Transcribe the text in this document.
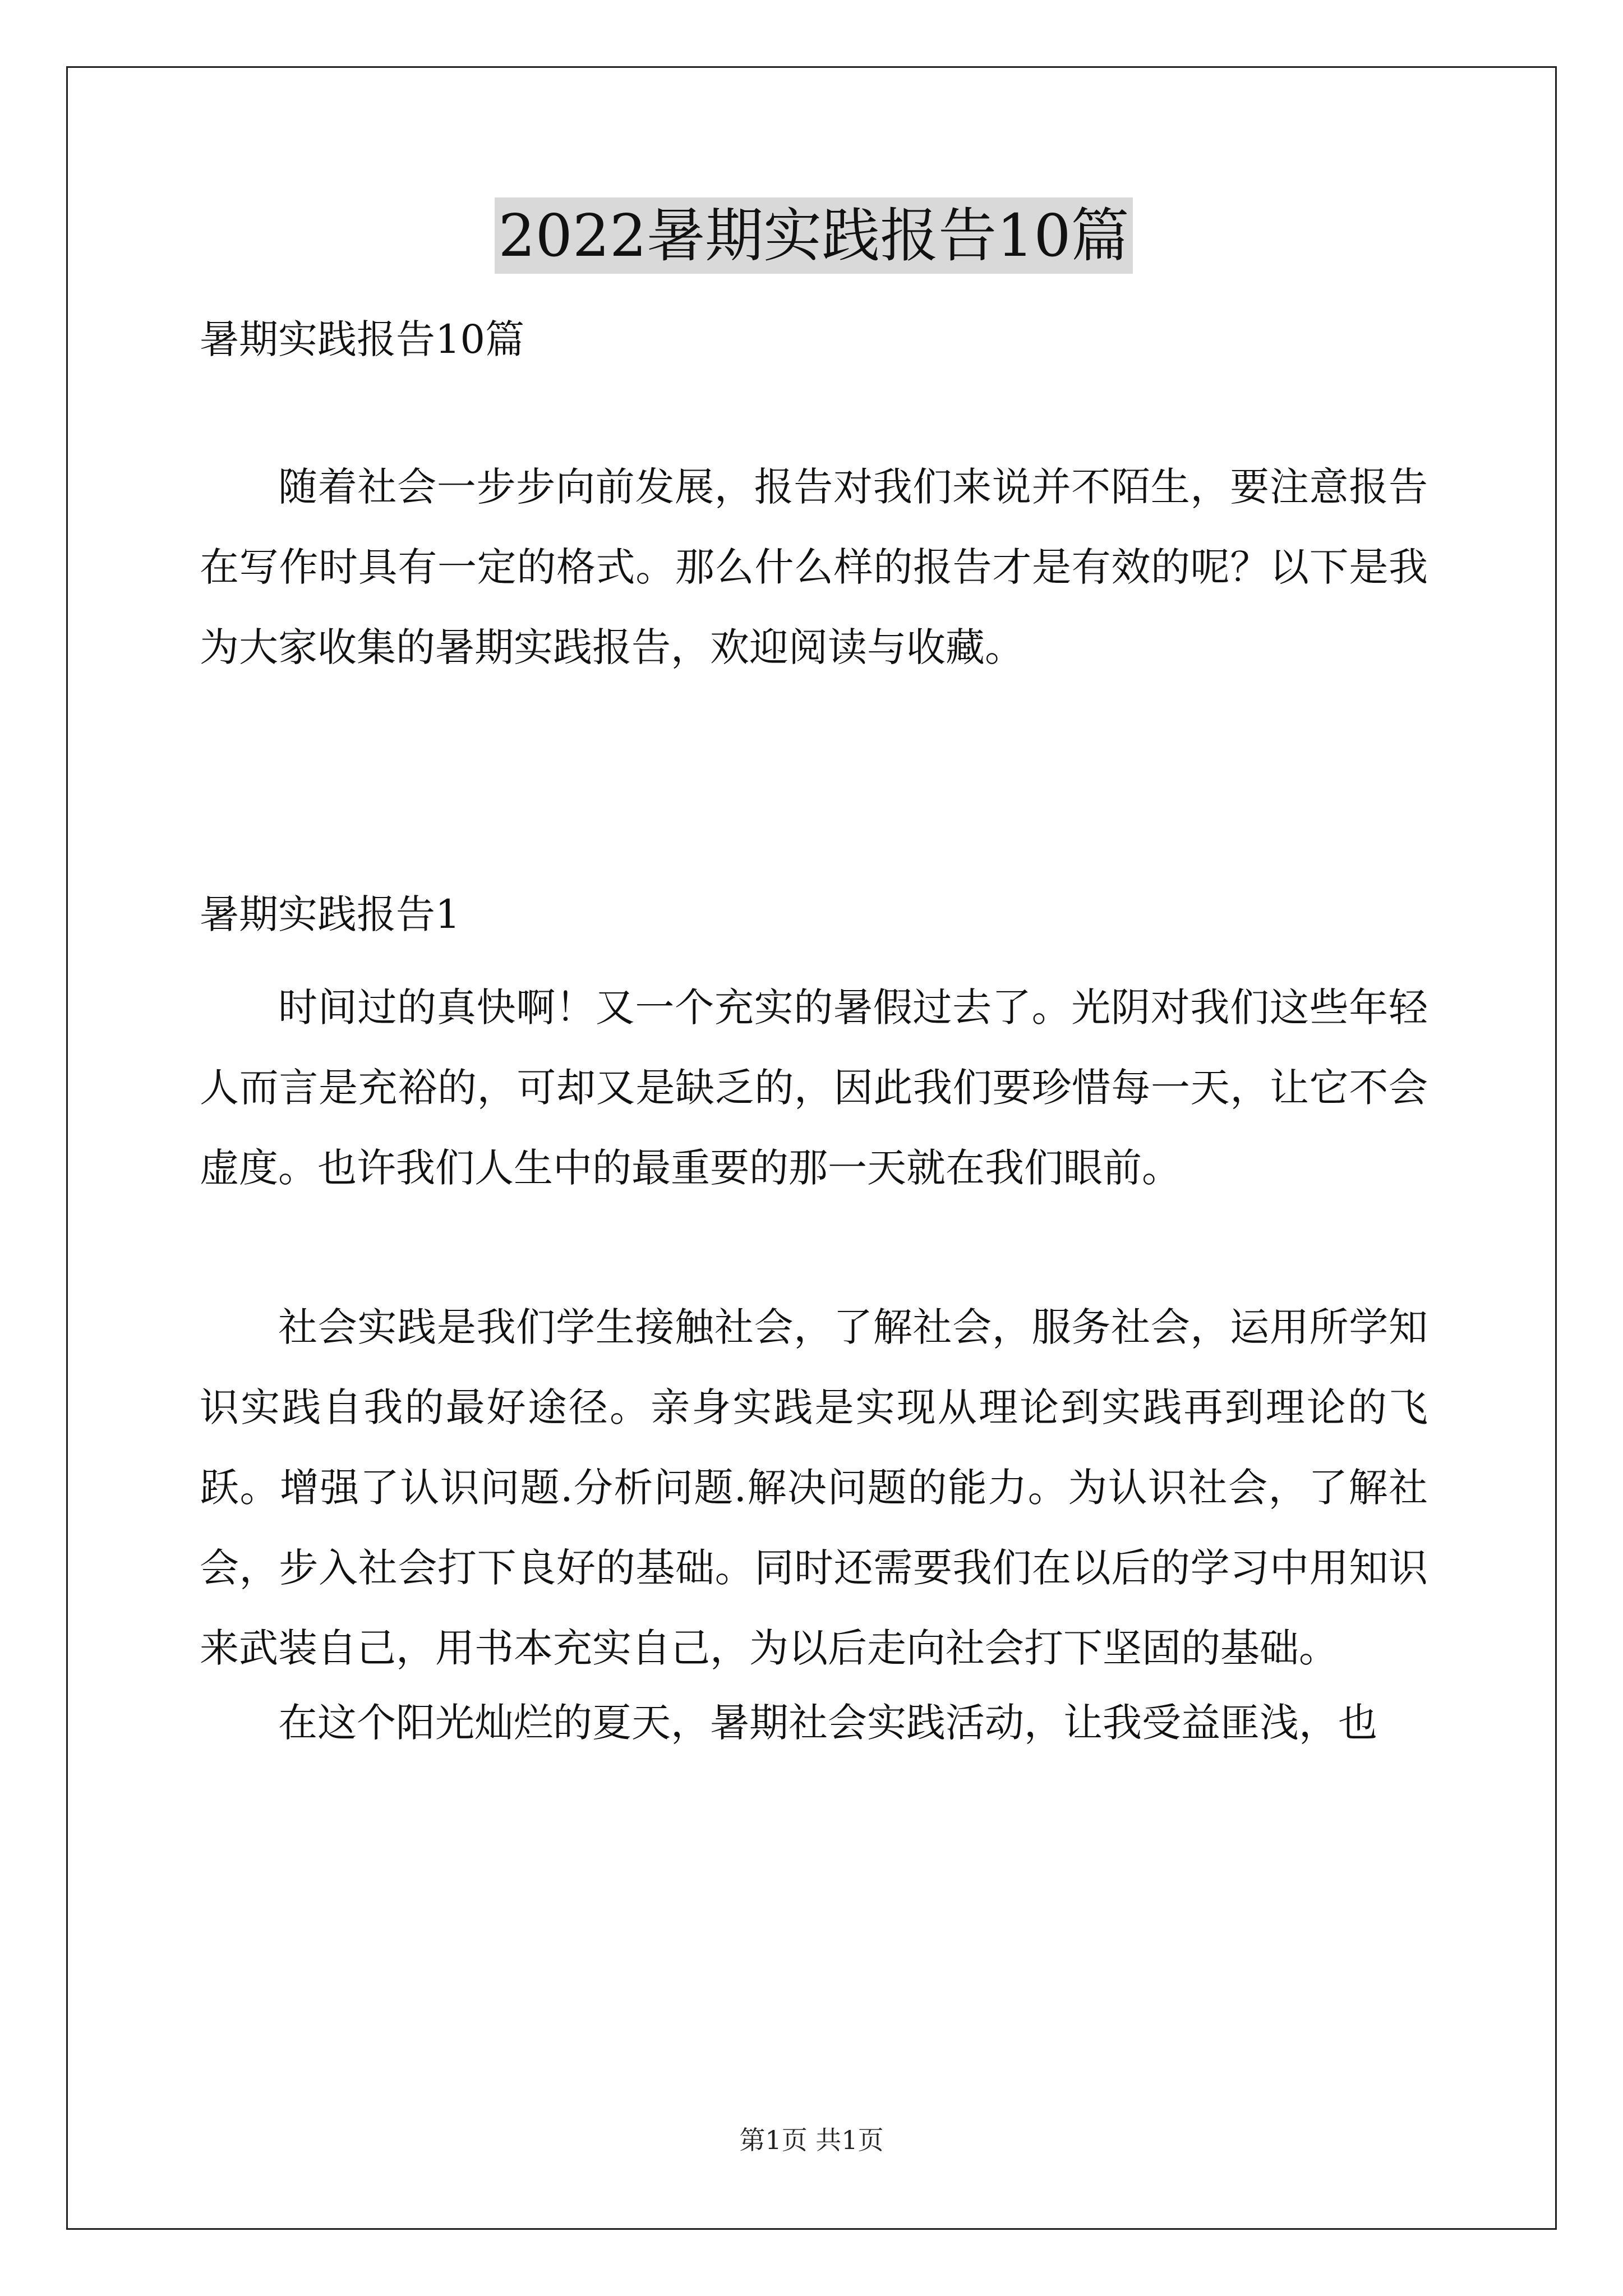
2022暑期实践报告10篇
暑期实践报告10篇
随着社会一步步向前发展，报告对我们来说并不陌生，要注意报告在写作时具有一定的格式。那么什么样的报告才是有效的呢？以下是我为大家收集的暑期实践报告，欢迎阅读与收藏。
暑期实践报告1
时间过的真快啊！又一个充实的暑假过去了。光阴对我们这些年轻人而言是充裕的，可却又是缺乏的，因此我们要珍惜每一天，让它不会虚度。也许我们人生中的最重要的那一天就在我们眼前。
社会实践是我们学生接触社会，了解社会，服务社会，运用所学知识实践自我的最好途径。亲身实践是实现从理论到实践再到理论的飞跃。增强了认识问题.分析问题.解决问题的能力。为认识社会，了解社会，步入社会打下良好的基础。同时还需要我们在以后的学习中用知识来武装自己，用书本充实自己，为以后走向社会打下坚固的基础。
在这个阳光灿烂的夏天，暑期社会实践活动，让我受益匪浅，也
第1页 共1页
